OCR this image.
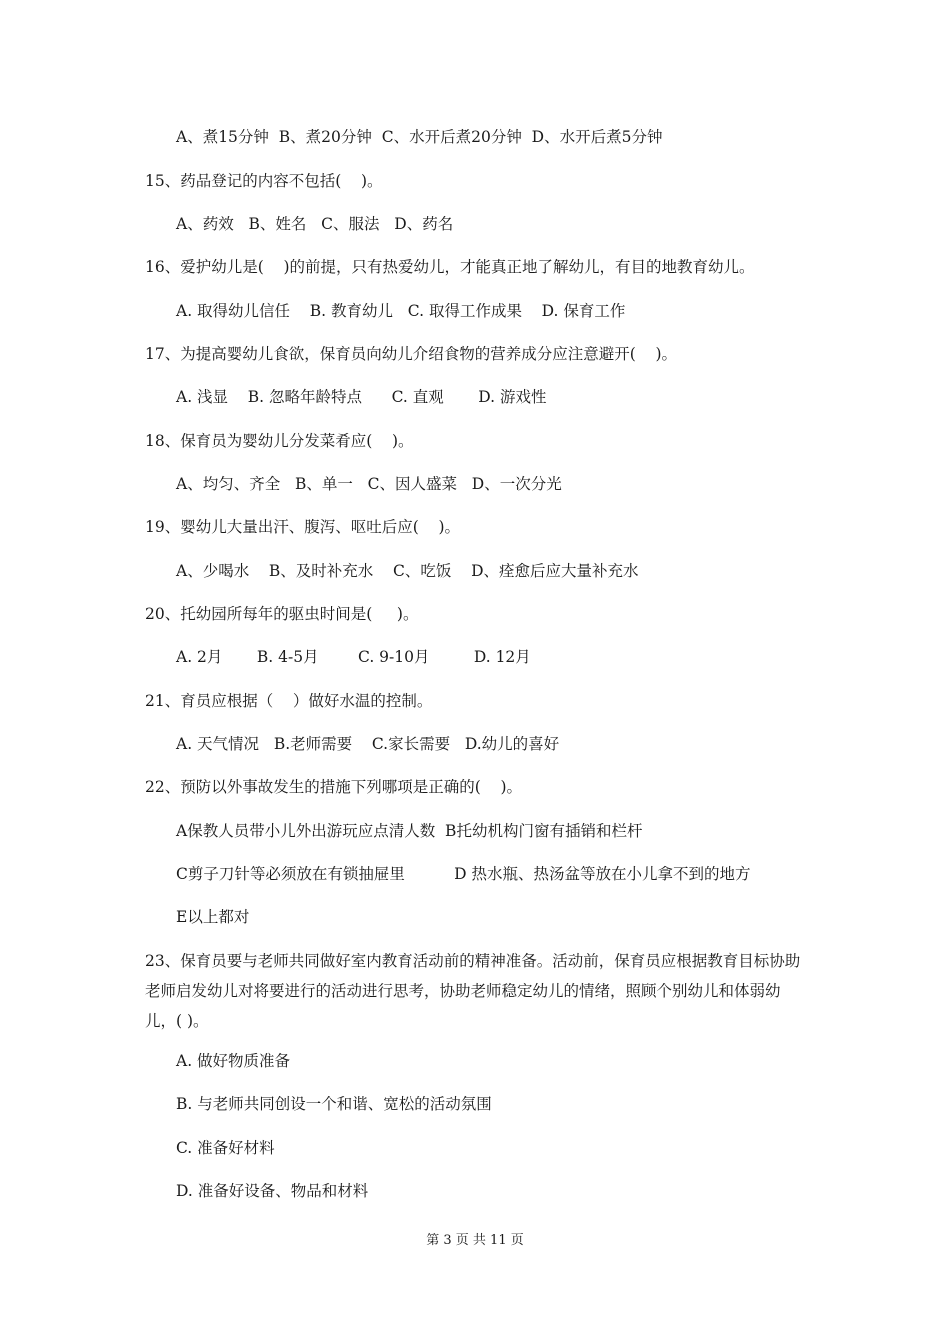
A、煮15分钟  B、煮20分钟  C、水开后煮20分钟  D、水开后煮5分钟
15、药品登记的内容不包括(    )。
A、药效   B、姓名   C、服法   D、药名
16、爱护幼儿是(    )的前提，只有热爱幼儿，才能真正地了解幼儿，有目的地教育幼儿。
A. 取得幼儿信任    B. 教育幼儿   C. 取得工作成果    D. 保育工作
17、为提高婴幼儿食欲，保育员向幼儿介绍食物的营养成分应注意避开(    )。
A. 浅显    B. 忽略年龄特点      C. 直观       D. 游戏性
18、保育员为婴幼儿分发菜肴应(    )。
A、均匀、齐全   B、单一   C、因人盛菜   D、一次分光
19、婴幼儿大量出汗、腹泻、呕吐后应(    )。
A、少喝水    B、及时补充水    C、吃饭    D、痊愈后应大量补充水
20、托幼园所每年的驱虫时间是(     )。
A. 2月       B. 4-5月        C. 9-10月         D. 12月
21、育员应根据（    ）做好水温的控制。
A. 天气情况   B.老师需要    C.家长需要   D.幼儿的喜好
22、预防以外事故发生的措施下列哪项是正确的(    )。
A保教人员带小儿外出游玩应点清人数  B托幼机构门窗有插销和栏杆
C剪子刀针等必须放在有锁抽屉里          D 热水瓶、热汤盆等放在小儿拿不到的地方
E以上都对
23、保育员要与老师共同做好室内教育活动前的精神准备。活动前，保育员应根据教育目标协助老师启发幼儿对将要进行的活动进行思考，协助老师稳定幼儿的情绪，照顾个别幼儿和体弱幼儿，( )。
A. 做好物质准备
B. 与老师共同创设一个和谐、宽松的活动氛围
C. 准备好材料
D. 准备好设备、物品和材料
第 3 页 共 11 页
